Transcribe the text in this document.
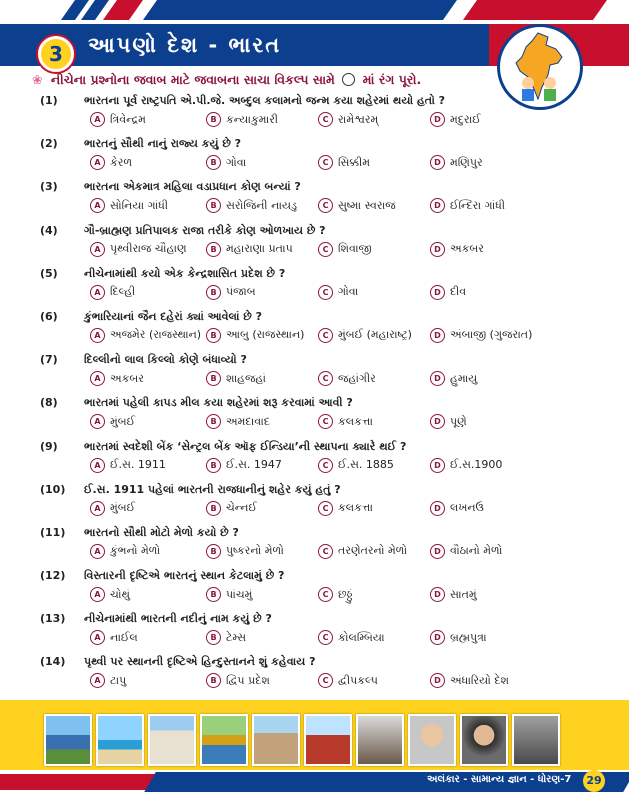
3	આપણો દેશ - ભારત
❀ નીચેના પ્રશ્નોના જવાબ માટે જવાબના સાચા વિકલ્પ સામે માં રંગ પૂરો.
(1) ભારતના પૂર્વ રાષ્ટ્રપતિ એ.પી.જે. અબ્દુલ કલામનો જન્મ કયા શહેરમાં થયો હતો ?
A ત્રિવેન્દ્રમ	B કન્યાકુમારી	C રામેશ્વરમ્	D મદુરાઈ
(2) ભારતનું સૌથી નાનું રાજ્ય કયું છે ?
A કેરળ	B ગોવા	C સિક્કીમ	D મણિપુર
(3) ભારતના એકમાત્ર મહિલા વડાપ્રધાન કોણ બન્યાં ?
A સોનિયા ગાંધી	B સરોજિની નાયડુ	C સુષ્મા સ્વરાજ	D ઈન્દિરા ગાંધી
(4) ગૌ-બ્રાહ્મણ પ્રતિપાલક રાજા તરીકે કોણ ઓળખાય છે ?
A પૃથ્વીરાજ ચૌહાણ	B મહારાણા પ્રતાપ	C શિવાજી	D અકબર
(5) નીચેનામાંથી કયો એક કેન્દ્રશાસિત પ્રદેશ છે ?
A દિલ્હી	B પંજાબ	C ગોવા	D દીવ
(6) કુંભારિયાનાં જૈન દહેરાં ક્યાં આવેલાં છે ?
A અજમેર (રાજસ્થાન)	B આબુ (રાજસ્થાન)	C મુંબઈ (મહારાષ્ટ્ર)	D અંબાજી (ગુજરાત)
(7) દિલ્લીનો લાલ કિલ્લો કોણે બંધાવ્યો ?
A અકબર	B શાહજહાં	C જહાંગીર	D હુમાયુ
(8) ભારતમાં પહેલી કાપડ મીલ કયા શહેરમાં શરૂ કરવામાં આવી ?
A મુંબઈ	B અમદાવાદ	C કલકત્તા	D પૂણે
(9) ભારતમાં સ્વદેશી બેંક ‘સેન્ટ્રલ બેંક ઑફ ઈન્ડિયા’ની સ્થાપના ક્યારે થઈ ?
A ઈ.સ. 1911	B ઈ.સ. 1947	C ઈ.સ. 1885	D ઈ.સ.1900
(10) ઈ.સ. 1911 પહેલાં ભારતની રાજધાનીનું શહેર કયું હતું ?
A મુંબઈ	B ચેન્નઈ	C કલકત્તા	D લખનઉ
(11) ભારતનો સૌથી મોટો મેળો કયો છે ?
A કુંભનો મેળો	B પુષ્કરનો મેળો	C તરણેતરનો મેળો	D વૌઠાનો મેળો
(12) વિસ્તારની દૃષ્ટિએ ભારતનું સ્થાન કેટલામું છે ?
A ચોથું	B પાંચમું	C છઠ્ઠું	D સાતમું
(13) નીચેનામાંથી ભારતની નદીનું નામ કયું છે ?
A નાઈલ	B ટેમ્સ	C કોલમ્બિયા	D બ્રહ્મપુત્રા
(14) પૃથ્વી પર સ્થાનની દૃષ્ટિએ હિન્દુસ્તાનને શું કહેવાય ?
A ટાપુ	B દ્વિપ પ્રદેશ	C દ્વીપકલ્પ	D અંધારિયો દેશ
Alankar	અલંકાર - સામાન્ય જ્ઞાન - ધોરણ-7	29
